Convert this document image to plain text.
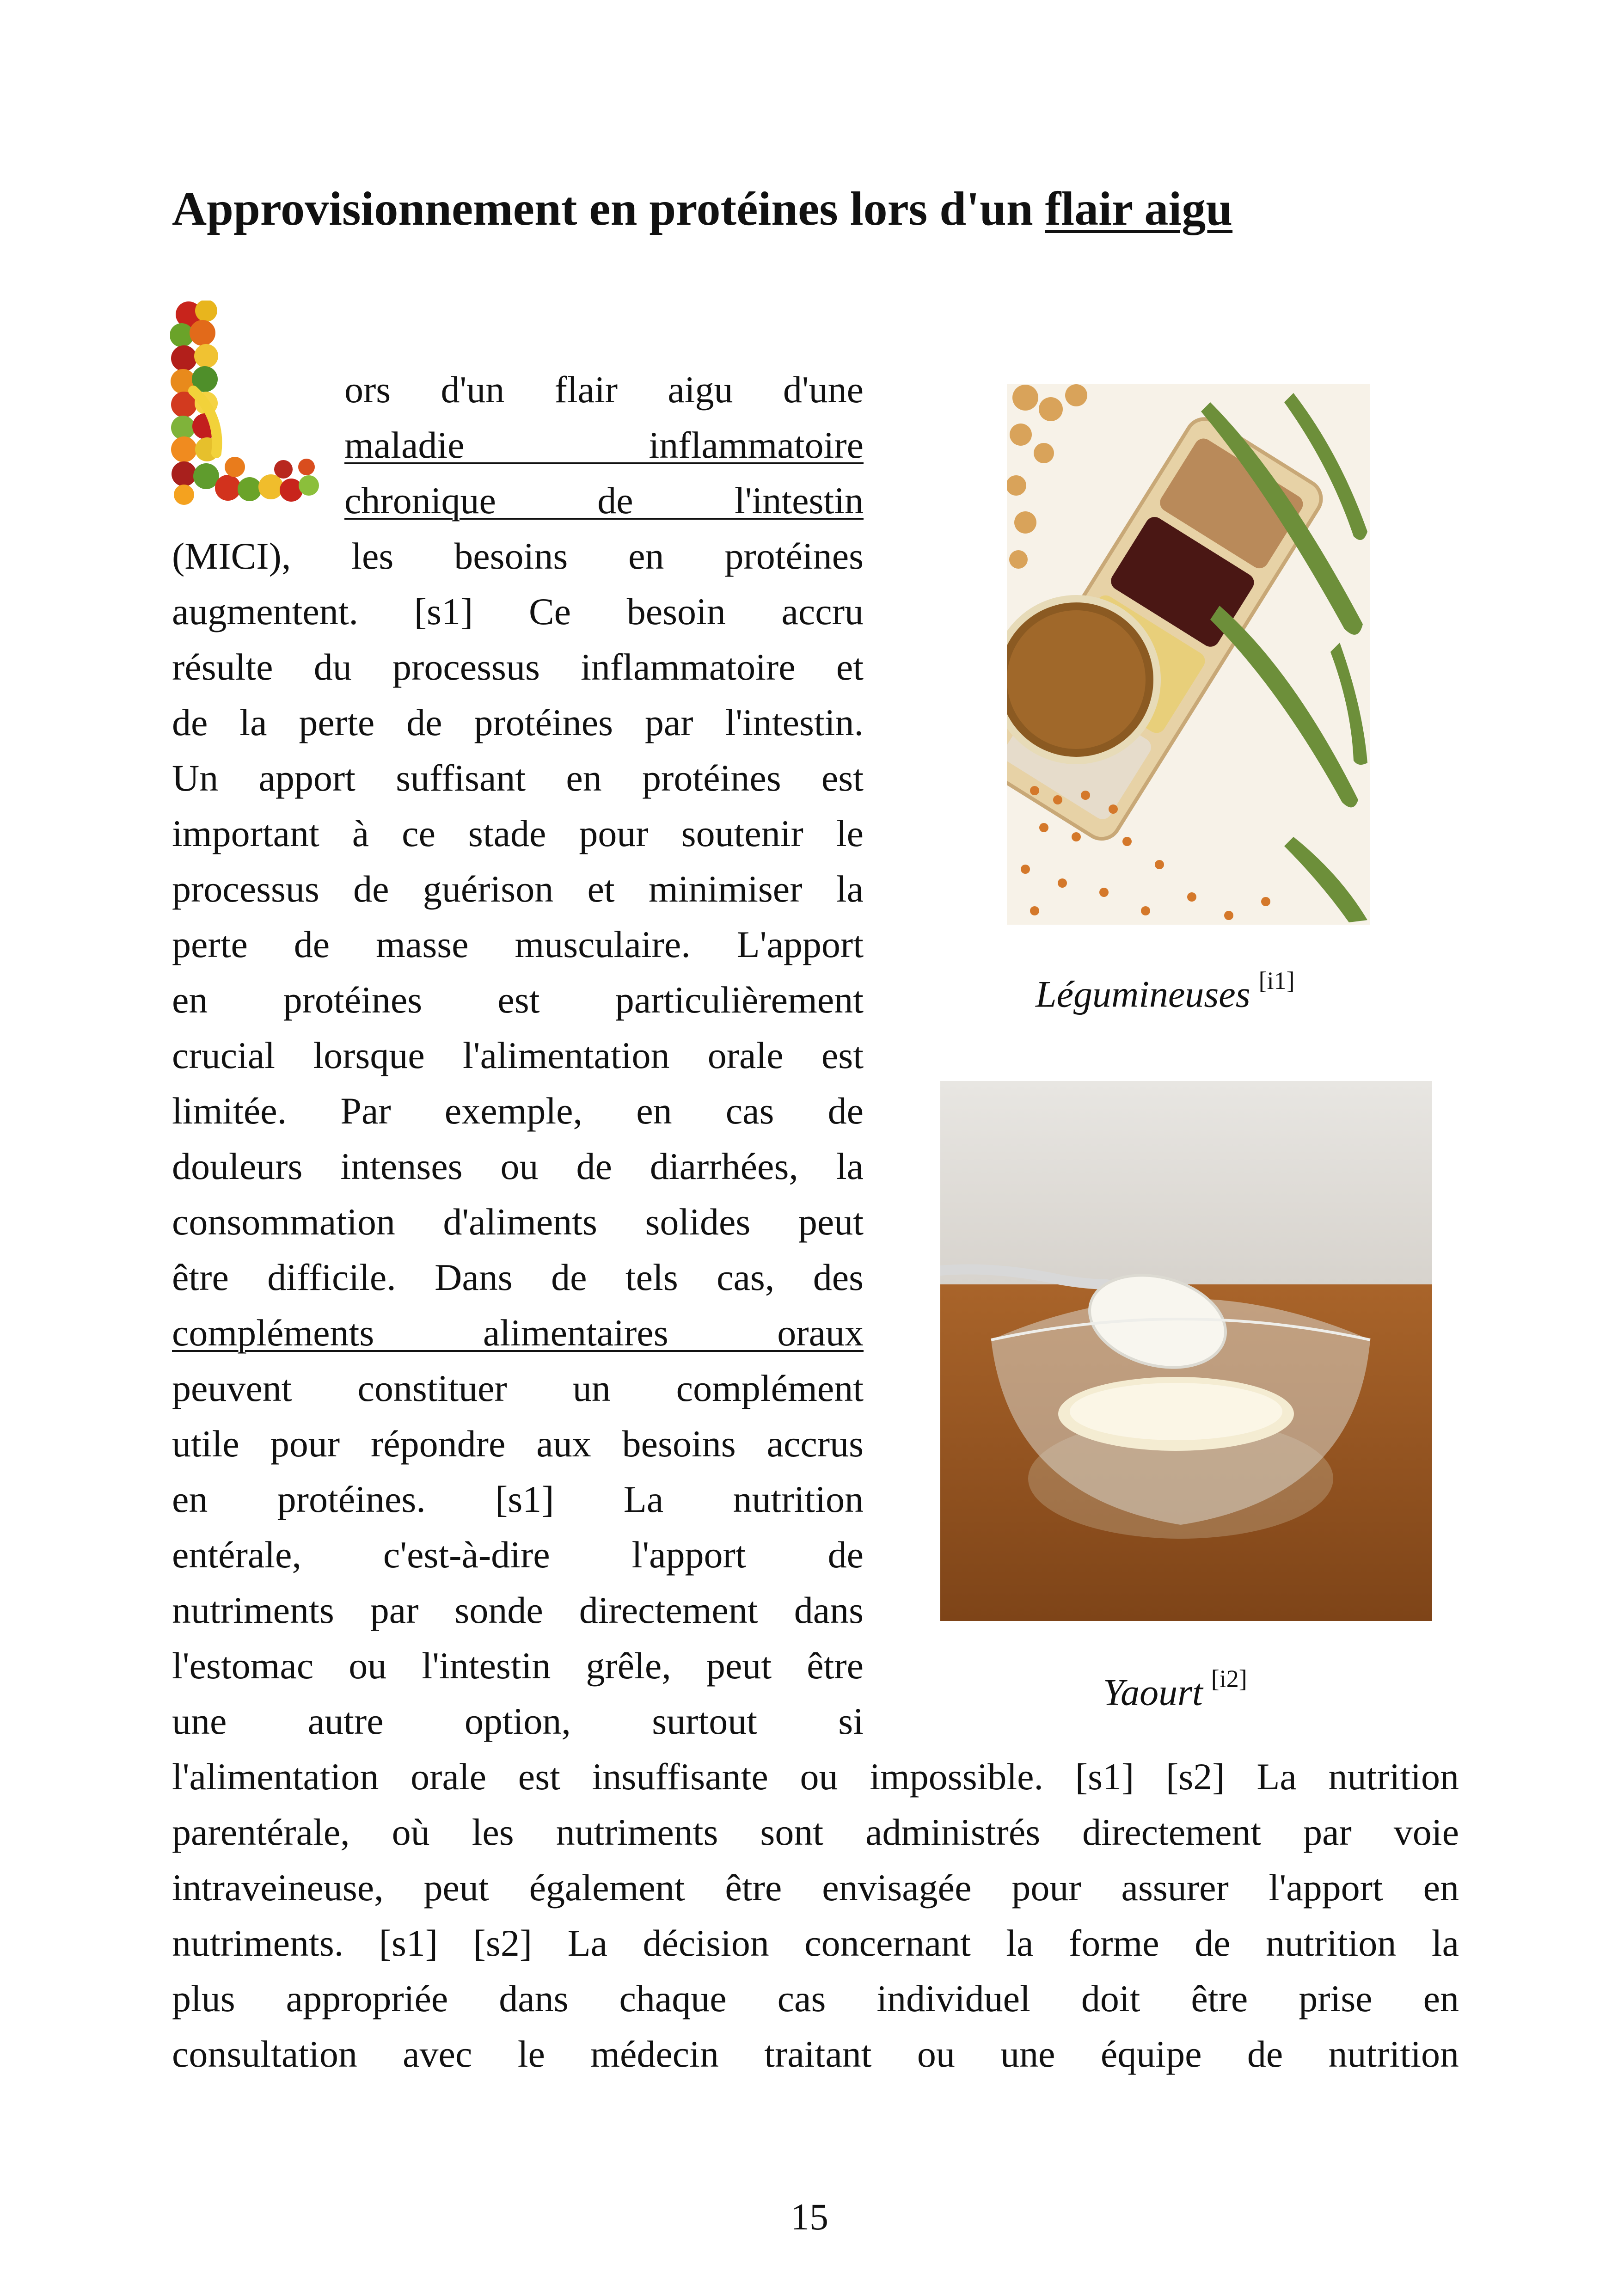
Approvisionnement en protéines lors d'un flair aigu
ors d'un flair aigu d'une
maladie inflammatoire
chronique de l'intestin
(MICI), les besoins en protéines
augmentent. [s1] Ce besoin accru
résulte du processus inflammatoire et
de la perte de protéines par l'intestin.
Un apport suffisant en protéines est
important à ce stade pour soutenir le
processus de guérison et minimiser la
perte de masse musculaire. L'apport
en protéines est particulièrement
crucial lorsque l'alimentation orale est
limitée. Par exemple, en cas de
douleurs intenses ou de diarrhées, la
consommation d'aliments solides peut
être difficile. Dans de tels cas, des
compléments alimentaires oraux
peuvent constituer un complément
utile pour répondre aux besoins accrus
en protéines. [s1] La nutrition
entérale, c'est-à-dire l'apport de
nutriments par sonde directement dans
l'estomac ou l'intestin grêle, peut être
une autre option, surtout si
l'alimentation orale est insuffisante ou impossible. [s1] [s2] La nutrition
parentérale, où les nutriments sont administrés directement par voie
intraveineuse, peut également être envisagée pour assurer l'apport en
nutriments. [s1] [s2] La décision concernant la forme de nutrition la
plus appropriée dans chaque cas individuel doit être prise en
consultation avec le médecin traitant ou une équipe de nutrition
Légumineuses [i1]
Yaourt [i2]
15
